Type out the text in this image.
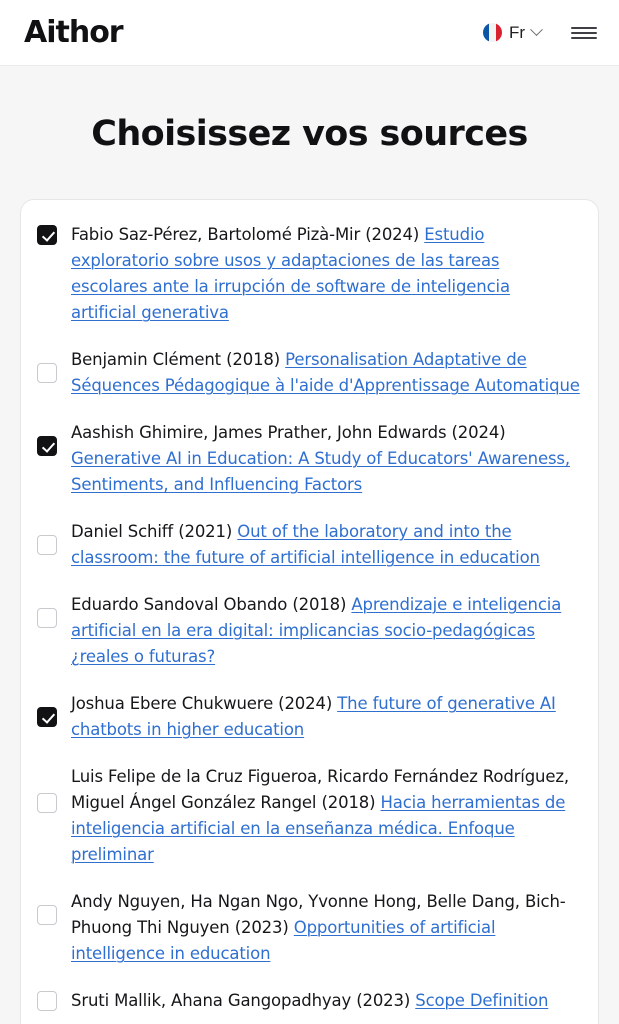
Aithor	Fr
Choisissez vos sources
Fabio Saz-Pérez, Bartolomé Pizà-Mir (2024) Estudio exploratorio sobre usos y adaptaciones de las tareas escolares ante la irrupción de software de inteligencia artificial generativa
Benjamin Clément (2018) Personalisation Adaptative de Séquences Pédagogique à l'aide d'Apprentissage Automatique
Aashish Ghimire, James Prather, John Edwards (2024) Generative AI in Education: A Study of Educators' Awareness, Sentiments, and Influencing Factors
Daniel Schiff (2021) Out of the laboratory and into the classroom: the future of artificial intelligence in education
Eduardo Sandoval Obando (2018) Aprendizaje e inteligencia artificial en la era digital: implicancias socio-pedagógicas ¿reales o futuras?
Joshua Ebere Chukwuere (2024) The future of generative AI chatbots in higher education
Luis Felipe de la Cruz Figueroa, Ricardo Fernández Rodríguez, Miguel Ángel González Rangel (2018) Hacia herramientas de inteligencia artificial en la enseñanza médica. Enfoque preliminar
Andy Nguyen, Ha Ngan Ngo, Yvonne Hong, Belle Dang, Bich-Phuong Thi Nguyen (2023) Opportunities of artificial intelligence in education
Sruti Mallik, Ahana Gangopadhyay (2023) Scope Definition
